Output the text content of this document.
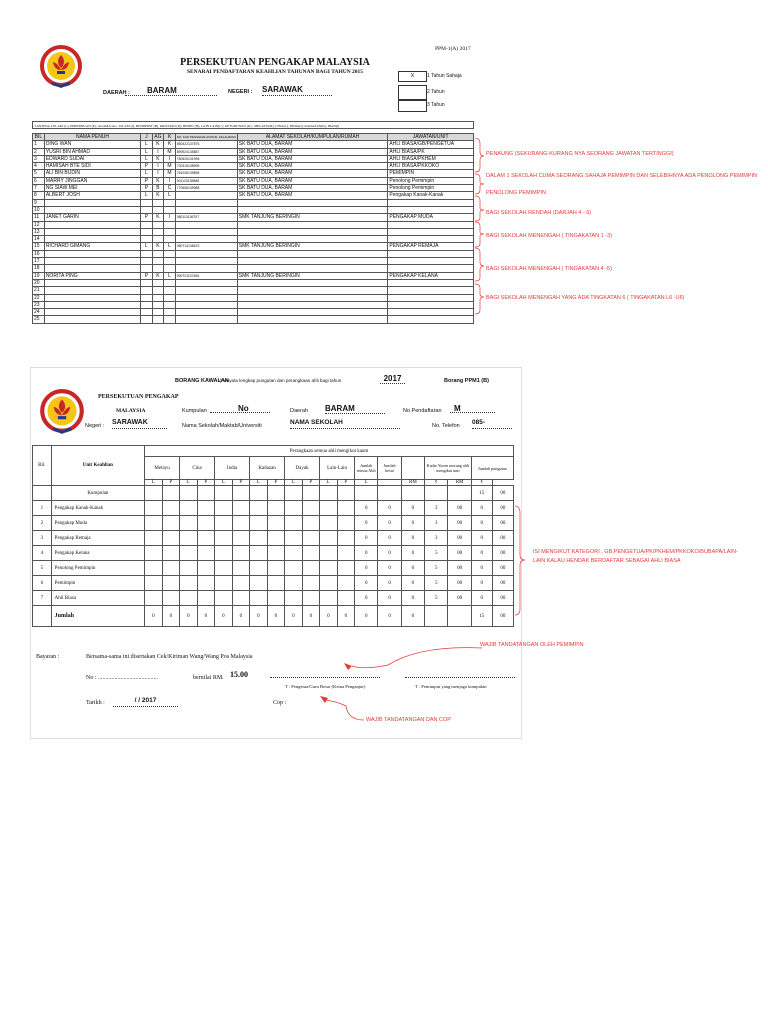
PPM-1(A) 2017
PERSEKUTUAN PENGAKAP MALAYSIA
SENARAI PENDAFTARAN KEAHLIAN TAHUNAN BAGI TAHUN 2015
DAERAH :	BARAM	NEGERI : SARAWAK
X	1 Tahun Sahaja
2 Tahun
3 Tahun
JANTINA: LELAKI (L), PEREMPUAN (P) | AGAMA/AG : ISLAM (I), BUDDHIST (B), KRISTIAN (K), HINDU (H), LAIN LAIN(L) | KETURUNAN (K) : MELAYU(M), CINA(C), INDIA(I), KADAZAN(K), IBAN(I)
BIL	NAMA PENUH	J	AG	K	NO. KAD PENGENALAN/SIJIL KELAHIRAN	ALAMAT SEKOLAH/KUMPULAN/RUMAH	JAWATAN/UNIT
1	DING WAN	L	K	K	850422137876	SK BATU DUA, BARAM	AHLI BIASA/GB/PENGETUA
2	YUSRI BIN AHMAD	L	I	M	890924135887	SK BATU DUA, BARAM	AHLI BIASA/PK
3	EDWARD SUDAI	L	K	I	780525131998	SK BATU DUA, BARAM	AHLI BIASA/PKHEM
4	HAMISAH BTE SIDI	P	I	M	720315138998	SK BATU DUA, BARAM	AHLI BIASA/PKKOKO
5	ALI BIN BUDIN	L	I	M	761028139898	SK BATU DUA, BARAM	PEMIMPIN
6	MARRY JINGGAN	P	K	I	901123135888	SK BATU DUA, BARAM	Penolong Pemimpin
7	NG SIAW MEI	P	B	C	770606139988	SK BATU DUA, BARAM	Penolong Pemimpin
8	ALBERT JOSH	L	K	L		SK BATU DUA, BARAM	Pengakap Kanak-Kanak
9							
10							
11	JANET GARIN	P	K	I	080113136797	SMK TANJUNG BERINGIN	PENGAKAP MUDA
12							
13							
14							
15	RICHARD GIMANG	L	K	L	080714138423	SMK TANJUNG BERINGIN	PENGAKAP REMAJA
16							
17							
18							
19	NORITA PING	P	K	L	990721137456	SMK TANJUNG BERINGIN	PENGAKAP KELANA
20							
21							
22							
23							
24							
25							
PENAUNG (SEKURANG-KURANG NYA SEORANG JAWATAN TERTINGGI)
DALAM 1 SEKOLAH CUMA SEORANG SAHAJA PEMIMPIN DAN SELEBIHNYA ADA PENOLONG PEMIMPIN
PENOLONG PEMIMPIN
BAGI SEKOLAH RENDAH (DARJAH 4 - 6)
BAGI SEKOLAH MENENGAH ( TINGAKATAN 1 -3)
BAGI SEKOLAH MENENGAH ( TINGAKATAN 4 -5)
BAGI SEKOLAH MENENGAH YANG ADA TINGKATAN 6 ( TINGAKATAN L6 -U6)
BORANG KAWALAN
-(Penyata lengkap pungutan dan perangkaan ahli bagi tahun	2017	Borang PPM1 (B)
PERSEKUTUAN PENGAKAP
MALAYSIA	Kumpulan	No	Daerah BARAM	No Pendaftaran	M
Negeri : SARAWAK	Nama Sekolah/Maktab/Universiti	NAMA SEKOLAH	No. Telefon 085-
Bil.	Unit Keahlian	Perangkaan semua ahli mengikut kaum																		
		Melayu		Cina		India		Kadazan		Dayak		Lain-Lain		Jumlah semua Ahli	Jumlah besar		Kadar Yuran seorang ahli mengikut unit		Jumlah pungutan	
		L	P	L	P	L	P	L	P	L	P	L	P	L		RM	¢	RM	¢	
	Kumpulan																		15	00
1	Pengakap Kanak-Kanak													0	0	0	3	00	0	00
2	Pengakap Muda													0	0	0	3	00	0	00
3	Pengakap Remaja													0	0	0	3	00	0	00
4	Pengakap Kelana													0	0	0	5	00	0	00
5	Penolong Pemimpin													0	0	0	5	00	0	00
6	Pemimpin													0	0	0	5	00	0	00
7	Ahli Biasa													0	0	0	5	00	0	00
	Jumlah	0	0	0	0	0	0	0	0	0	0	0	0	0	0	0			15	00
ISI MENGIKUT KATEGORI , GB,PENGETUA/PK/PKHEM/PKKOKO/BUBAPA/LAIN-LAIN KALAU HENDAK BERDAFTAR SEBAGAI AHLI BIASA
Bayaran :	Bersama-sama ini disertakan Cek/Kiriman Wang/Wang Pos Malaysia
WAJIB TANDATANGAN OLEH PEMIMPIN
No : ........................................	bernilai RM. 15.00
T : Pengetua/Guru Besar (Ketua Penganjur)	T : Pemimpin yang menjaga kumpulan
Tarikh :	/ / 2017	Cop :
WAJIB TANDATANGAN DAN COP
